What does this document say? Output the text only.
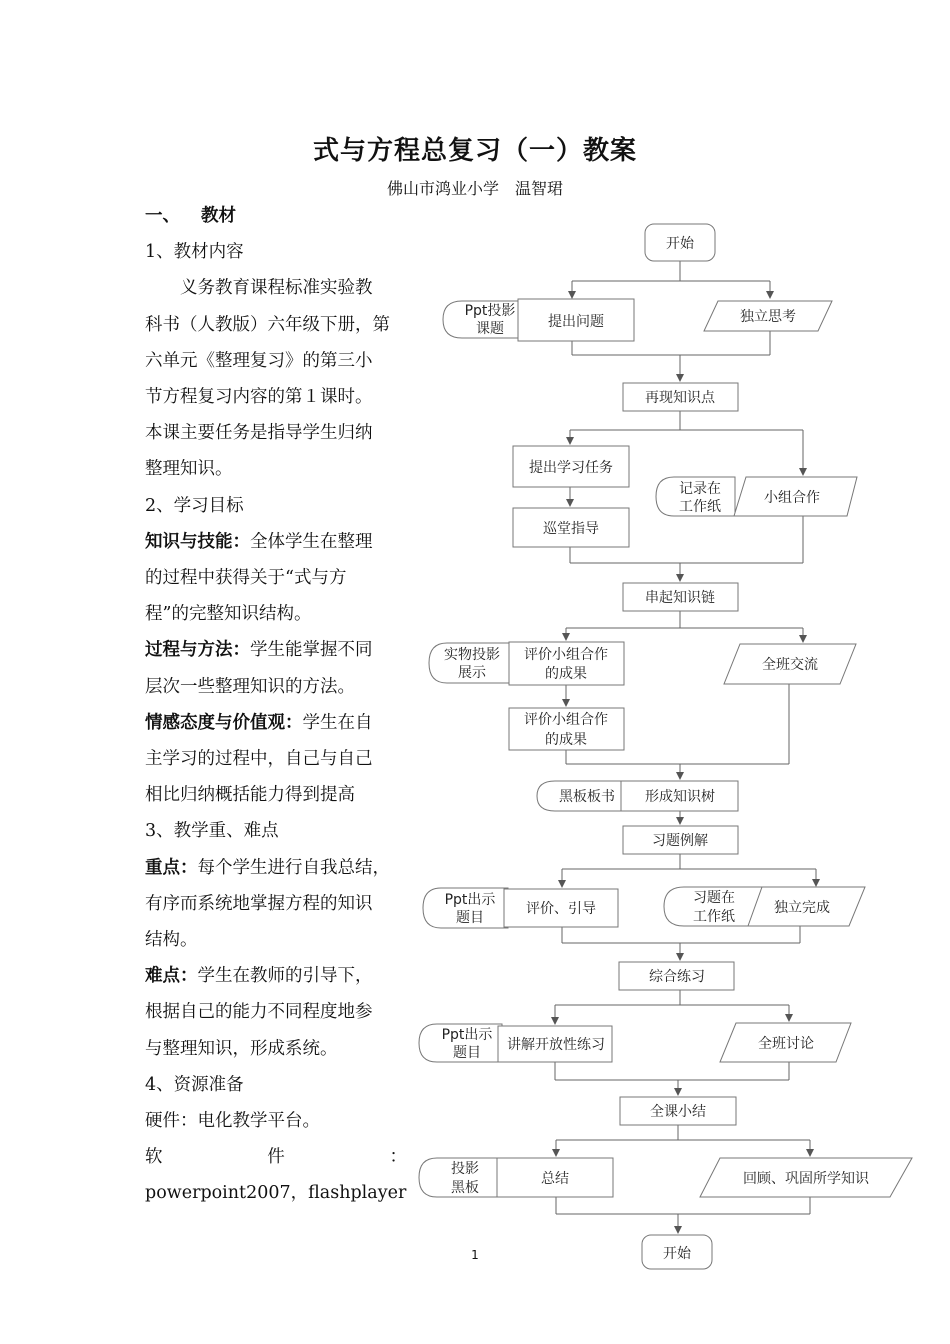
式与方程总复习（一）教案
佛山市鸿业小学　温智珺

一、 教材

1、教材内容

义务教育课程标准实验教

科书（人教版）六年级下册，第

六单元《整理复习》的第三小

节方程复习内容的第１课时。

本课主要任务是指导学生归纳

整理知识。

2、学习目标

知识与技能：全体学生在整理

的过程中获得关于“式与方

程”的完整知识结构。

过程与方法：学生能掌握不同

层次一些整理知识的方法。

情感态度与价值观：学生在自

主学习的过程中，自己与自己

相比归纳概括能力得到提高

3、教学重、难点

重点：每个学生进行自我总结，

有序而系统地掌握方程的知识

结构。

难点：学生在教师的引导下，

根据自己的能力不同程度地参

与整理知识，形成系统。

4、资源准备

硬件：电化教学平台。

软	件	：

powerpoint2007，flashplayer

开始
Ppt投影
课题	提出问题	独立思考
再现知识点
提出学习任务
巡堂指导
记录在
工作纸
小组合作
串起知识链
实物投影
展示
评价小组合作
的成果
评价小组合作
的成果
全班交流
黑板板书 形成知识树
习题例解
Ppt出示
题目
评价、引导
习题在
工作纸
独立完成
综合练习
Ppt出示
题目 讲解开放性练习	全班讨论
全课小结
投影
黑板
总结	回顾、巩固所学知识
开始
1
